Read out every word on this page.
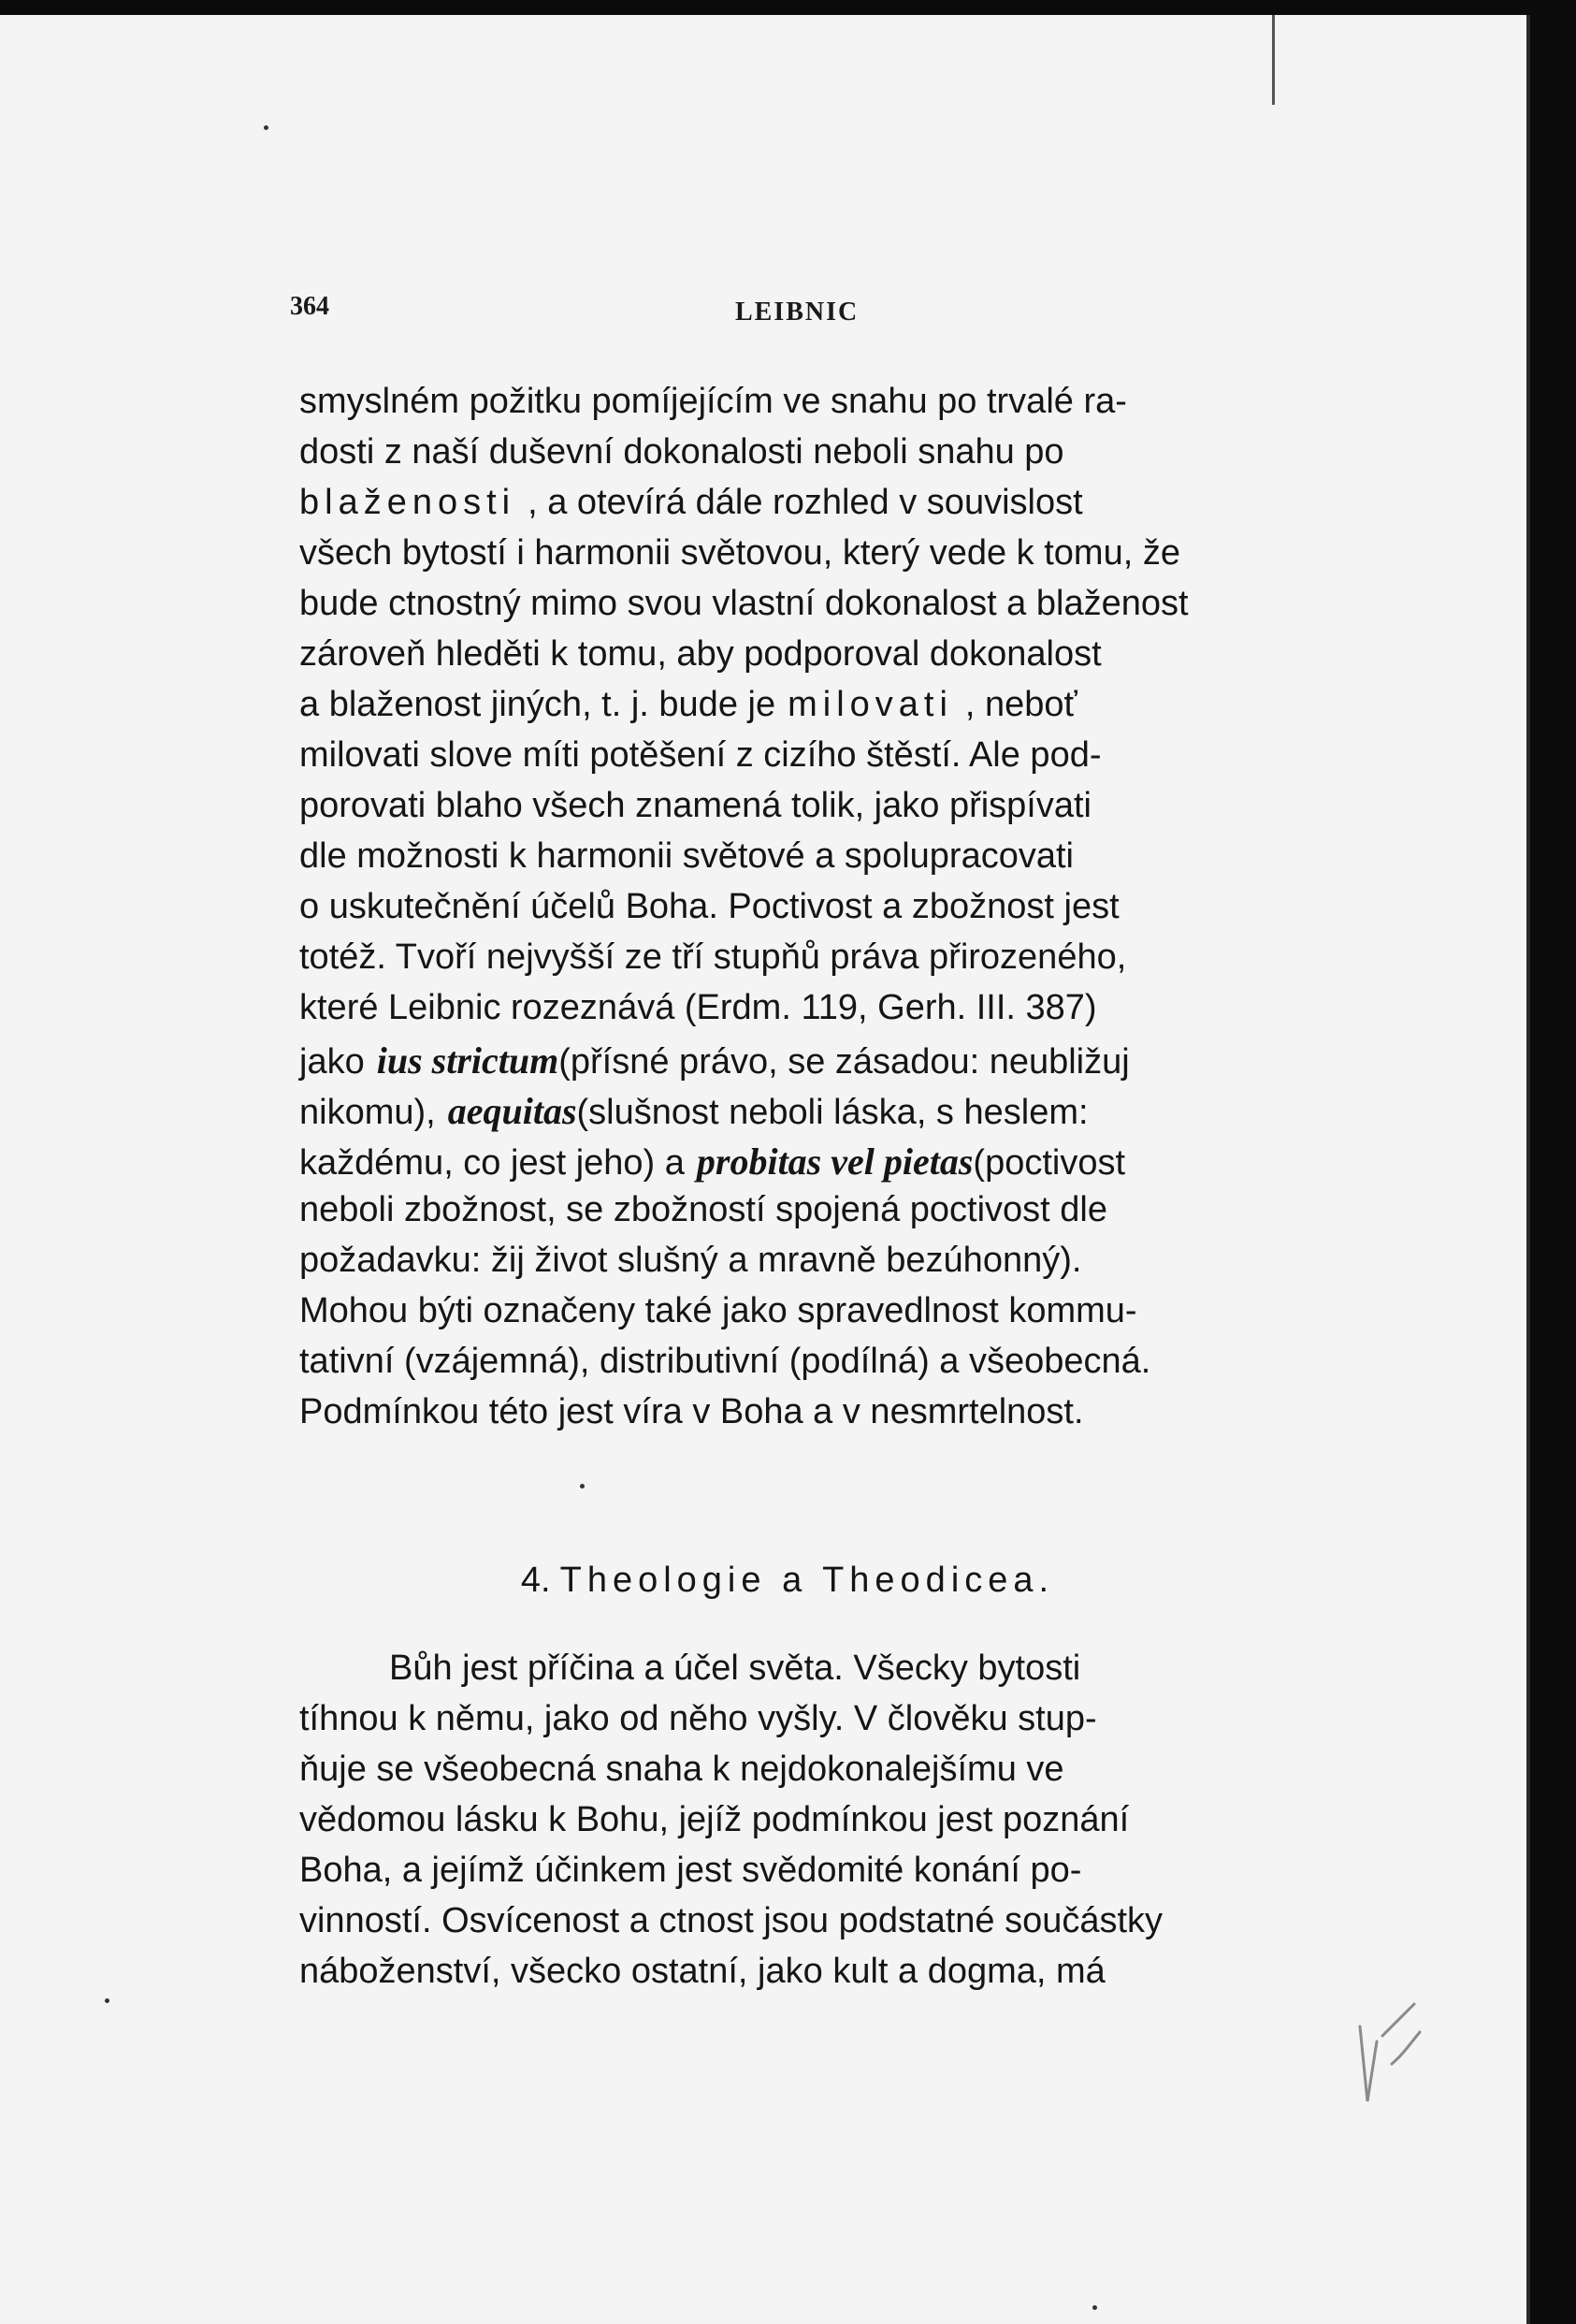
364	LEIBNIC
smyslném požitku pomíjejícím ve snahu po trvalé ra-
dosti z naší duševní dokonalosti neboli snahu po
blaženosti , a otevírá dále rozhled v souvislost
všech bytostí i harmonii světovou, který vede k tomu, že
bude ctnostný mimo svou vlastní dokonalost a blaženost
zároveň hleděti k tomu, aby podporoval dokonalost
a blaženost jiných, t. j. bude je milovati , neboť
milovati slove míti potěšení z cizího štěstí. Ale pod-
porovati blaho všech znamená tolik, jako přispívati
dle možnosti k harmonii světové a spolupracovati
o uskutečnění účelů Boha. Poctivost a zbožnost jest
totéž. Tvoří nejvyšší ze tří stupňů práva přirozeného,
které Leibnic rozeznává (Erdm. 119, Gerh. III. 387)
jako ius strictum (přísné právo, se zásadou: neubližuj
nikomu), aequitas (slušnost neboli láska, s heslem:
každému, co jest jeho) a probitas vel pietas (poctivost
neboli zbožnost, se zbožností spojená poctivost dle
požadavku: žij život slušný a mravně bezúhonný).
Mohou býti označeny také jako spravedlnost kommu-
tativní (vzájemná), distributivní (podílná) a všeobecná.
Podmínkou této jest víra v Boha a v nesmrtelnost.
4. Theologie a Theodicea.
Bůh jest příčina a účel světa. Všecky bytosti
tíhnou k němu, jako od něho vyšly. V člověku stup-
ňuje se všeobecná snaha k nejdokonalejšímu ve
vědomou lásku k Bohu, jejíž podmínkou jest poznání
Boha, a jejímž účinkem jest svědomité konání po-
vinností. Osvícenost a ctnost jsou podstatné součástky
náboženství, všecko ostatní, jako kult a dogma, má
